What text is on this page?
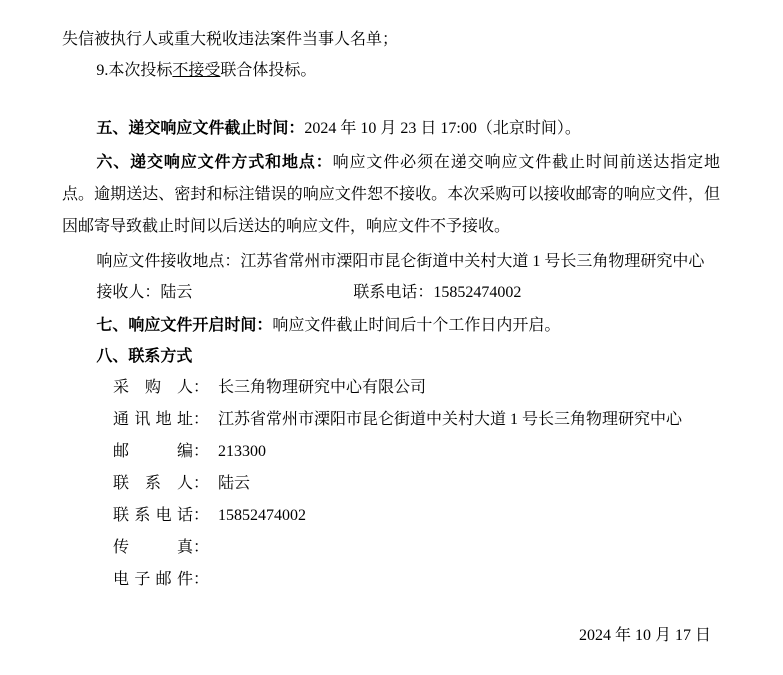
失信被执行人或重大税收违法案件当事人名单；

9.本次投标不接受联合体投标。

五、递交响应文件截止时间：2024 年 10 月 23 日 17:00（北京时间）。

六、递交响应文件方式和地点：响应文件必须在递交响应文件截止时间前送达指定地点。逾期送达、密封和标注错误的响应文件恕不接收。本次采购可以接收邮寄的响应文件，但因邮寄导致截止时间以后送达的响应文件，响应文件不予接收。

响应文件接收地点：江苏省常州市溧阳市昆仑街道中关村大道 1 号长三角物理研究中心

接收人：陆云	联系电话：15852474002

七、响应文件开启时间：响应文件截止时间后十个工作日内开启。

八、联系方式

采购人： 长三角物理研究中心有限公司

通讯地址： 江苏省常州市溧阳市昆仑街道中关村大道 1 号长三角物理研究中心

邮编： 213300

联系人： 陆云

联系电话： 15852474002

传真：

电子邮件：

2024 年 10 月 17 日
